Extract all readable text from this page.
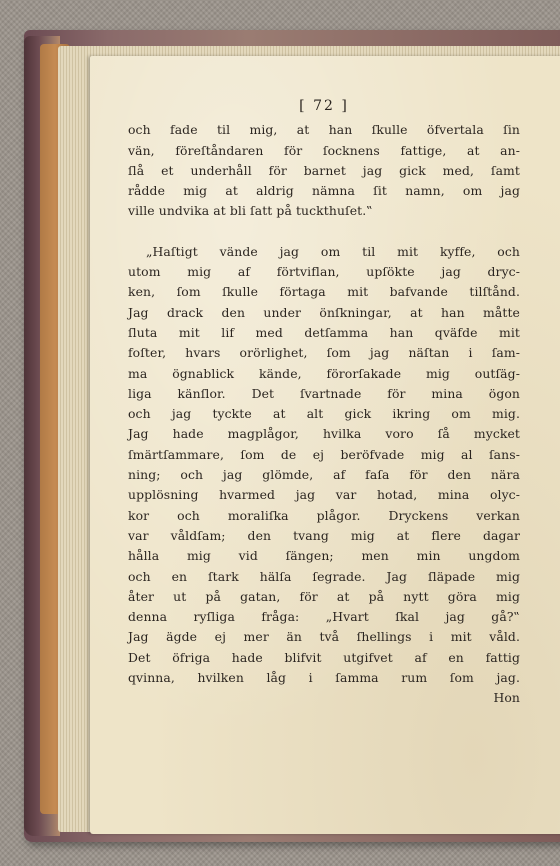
[ 72 ]
och fade til mig, at han ſkulle öfvertala ſin
vän, föreſtåndaren för ſocknens fattige, at an-
ſlå et underhåll för barnet jag gick med, ſamt
rådde mig at aldrig nämna ſit namn, om jag
ville undvika at bli ſatt på tuckthuſet.‟
„Haſtigt vände jag om til mit kyffe, och
utom mig af förtviflan, upſökte jag dryc-
ken, ſom ſkulle förtaga mit bafvande tilſtånd.
Jag drack den under önſkningar, at han måtte
ſluta mit lif med detſamma han qväfde mit
foſter, hvars orörlighet, ſom jag näſtan i ſam-
ma ögnablick kände, förorſakade mig outſäg-
liga känſlor. Det ſvartnade för mina ögon
och jag tyckte at alt gick ikring om mig.
Jag hade magplågor, hvilka voro ſå mycket
ſmärtſammare, ſom de ej beröfvade mig al ſans-
ning; och jag glömde, af faſa för den nära
upplösning hvarmed jag var hotad, mina olyc-
kor och moraliſka plågor. Dryckens verkan
var våldſam; den tvang mig at flere dagar
hålla mig vid ſängen; men min ungdom
och en ſtark hälſa ſegrade. Jag ſläpade mig
åter ut på gatan, för at på nytt göra mig
denna ryſliga fråga: „Hvart ſkal jag gå?‟
Jag ägde ej mer än två ſhellings i mit våld.
Det öfriga hade blifvit utgifvet af en fattig
qvinna, hvilken låg i ſamma rum ſom jag.
Hon
